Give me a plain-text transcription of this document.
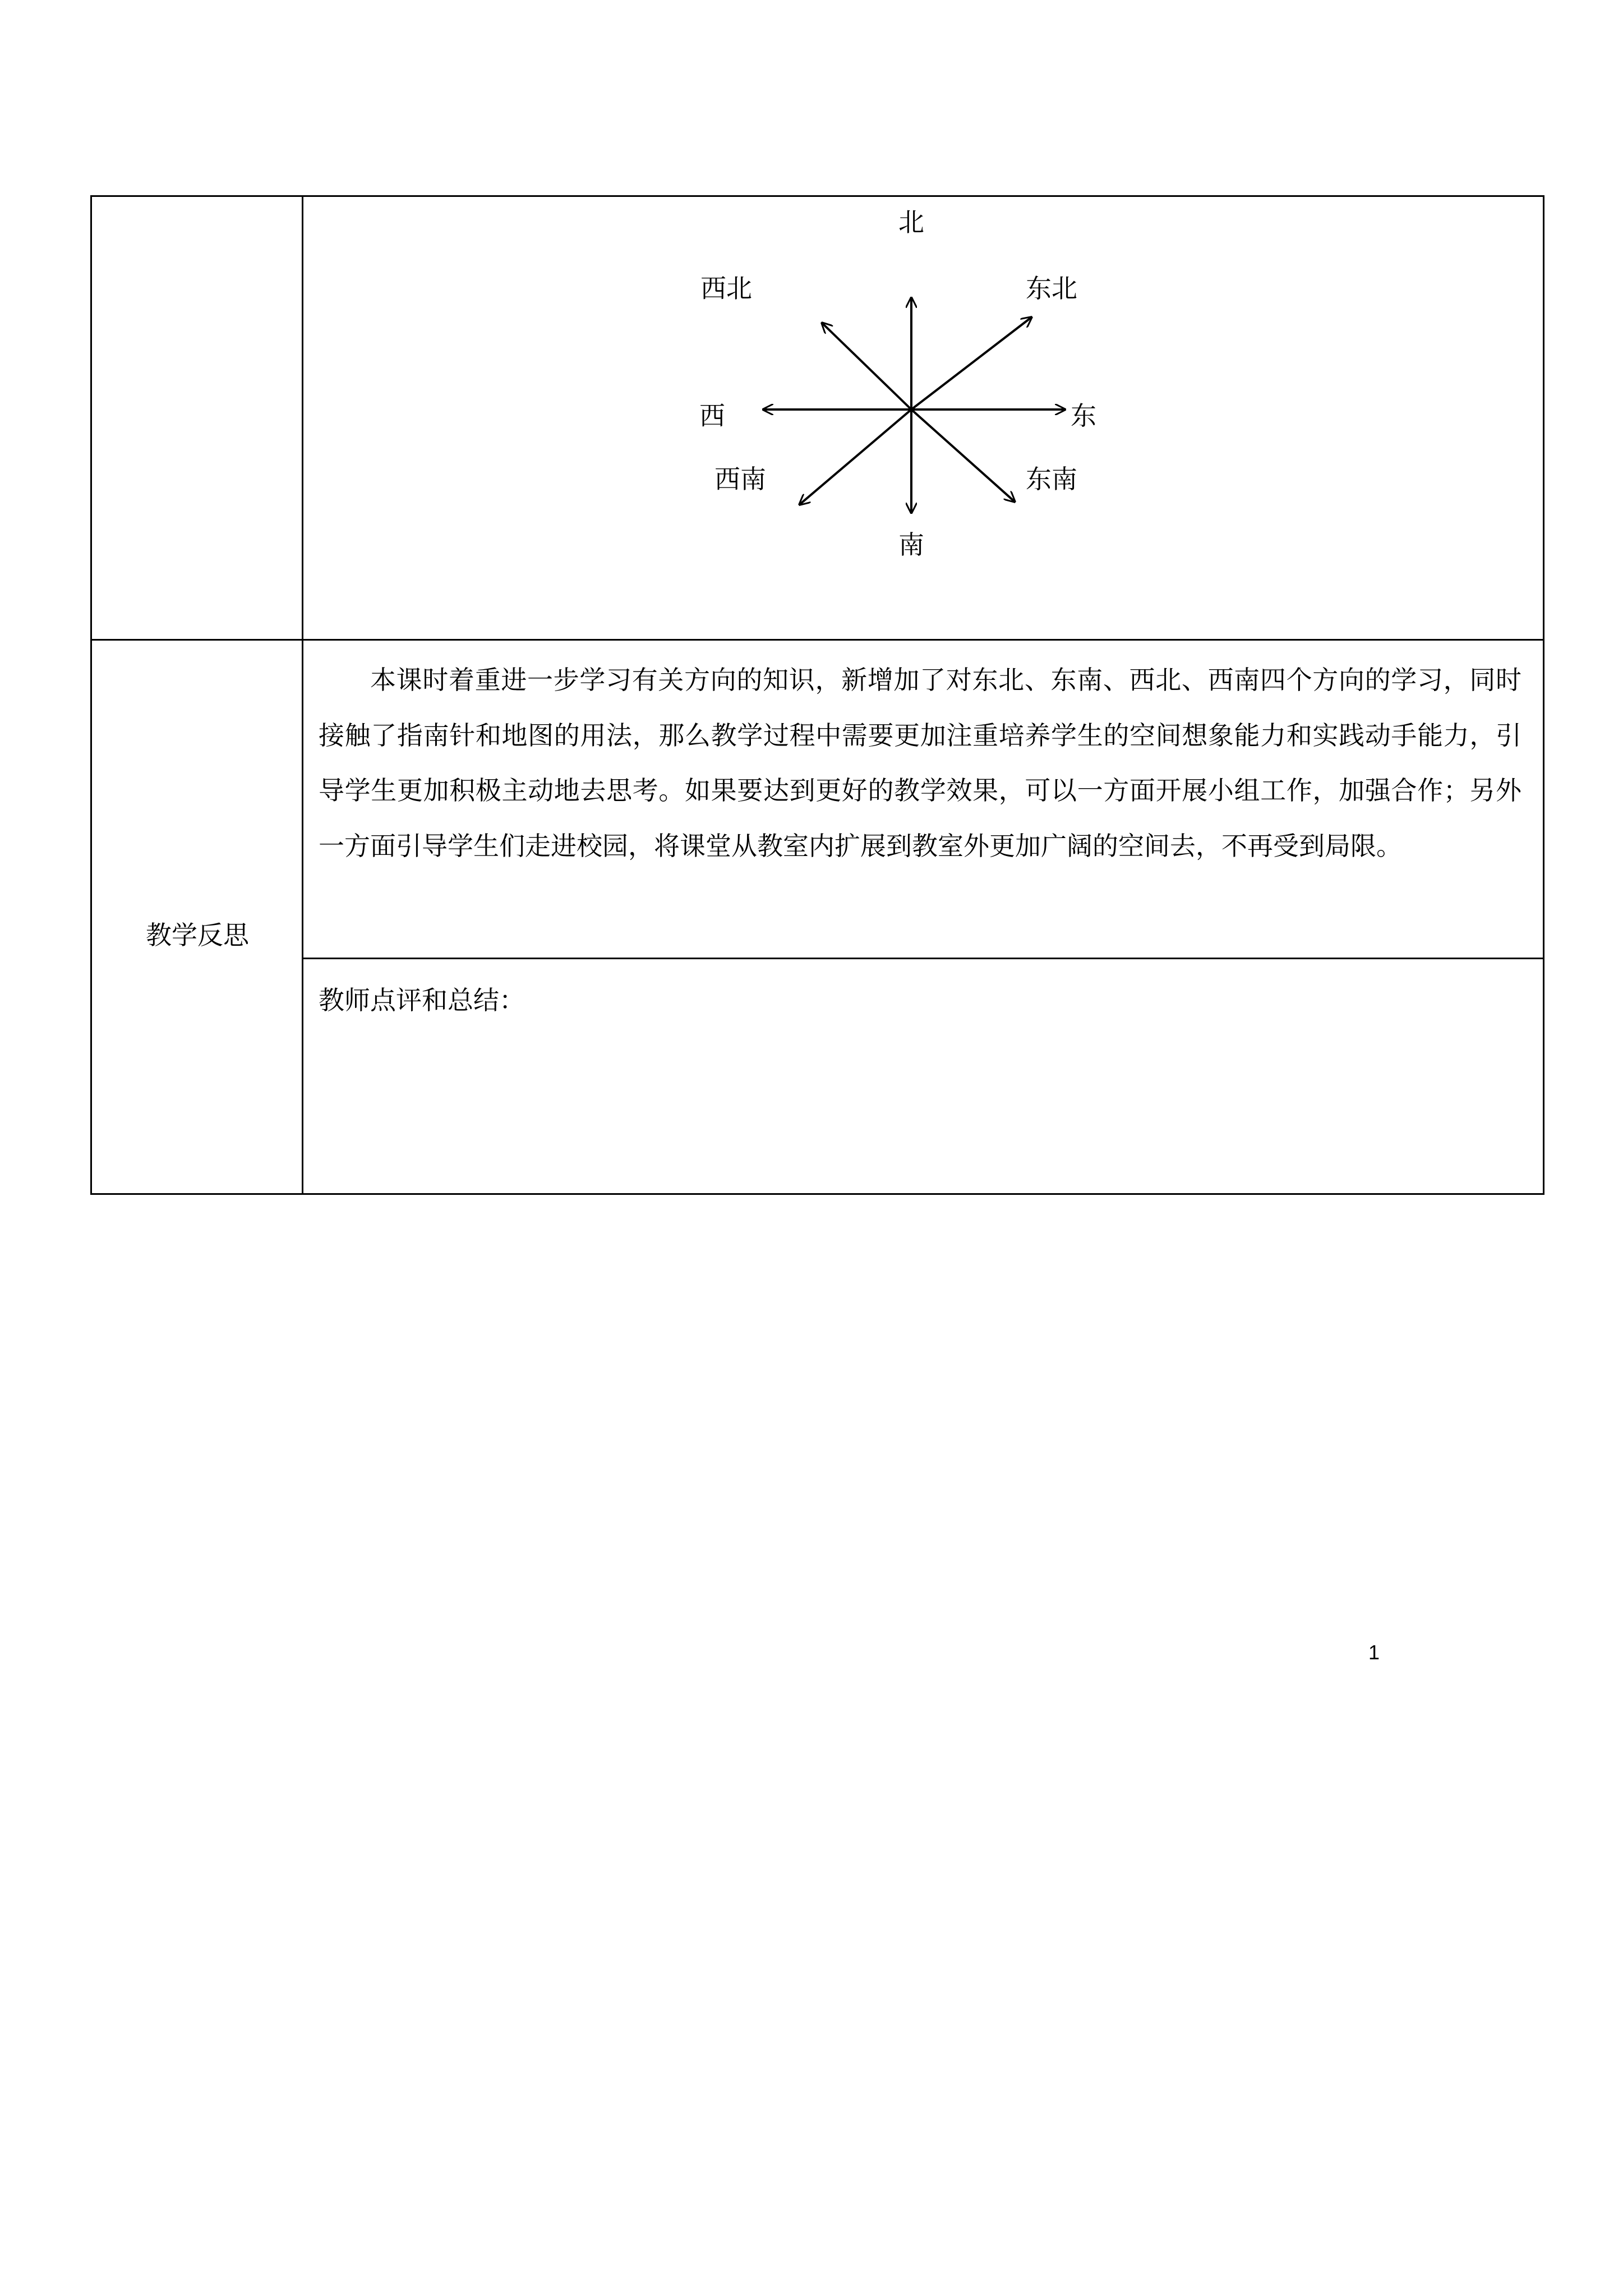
北
西北	东北
西	东
西南	东南
南
教学反思

本课时着重进一步学习有关方向的知识，新增加了对东北、东南、西北、西南四个方向的学习，同时接触了指南针和地图的用法，那么教学过程中需要更加注重培养学生的空间想象能力和实践动手能力，引导学生更加积极主动地去思考。如果要达到更好的教学效果，可以一方面开展小组工作，加强合作；另外一方面引导学生们走进校园，将课堂从教室内扩展到教室外更加广阔的空间去，不再受到局限。

教师点评和总结：
1
